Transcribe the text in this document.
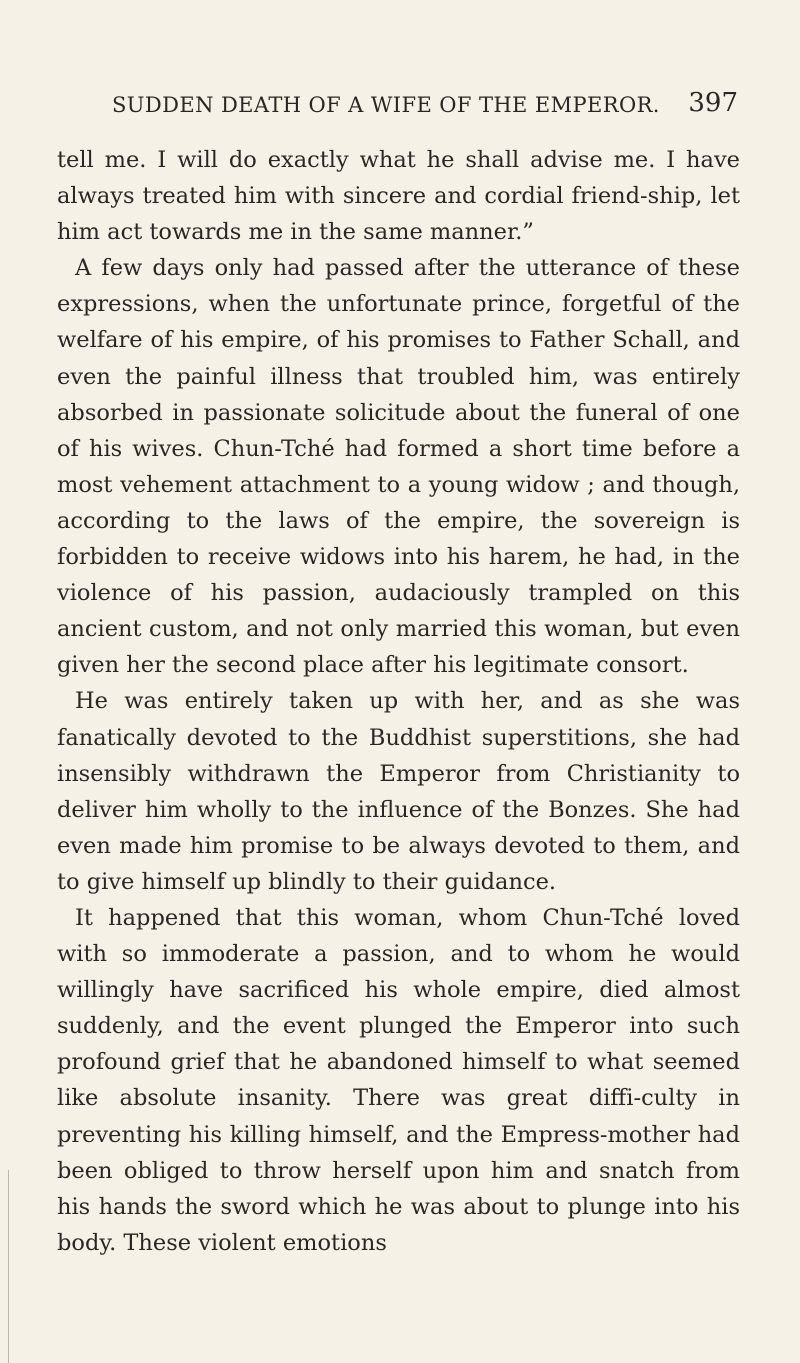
SUDDEN DEATH OF A WIFE OF THE EMPEROR. 397

tell me. I will do exactly what he shall advise me. I have always treated him with sincere and cordial friend-ship, let him act towards me in the same manner.”

A few days only had passed after the utterance of these expressions, when the unfortunate prince, forgetful of the welfare of his empire, of his promises to Father Schall, and even the painful illness that troubled him, was entirely absorbed in passionate solicitude about the funeral of one of his wives. Chun-Tché had formed a short time before a most vehement attachment to a young widow ; and though, according to the laws of the empire, the sovereign is forbidden to receive widows into his harem, he had, in the violence of his passion, audaciously trampled on this ancient custom, and not only married this woman, but even given her the second place after his legitimate consort.

He was entirely taken up with her, and as she was fanatically devoted to the Buddhist superstitions, she had insensibly withdrawn the Emperor from Christianity to deliver him wholly to the influence of the Bonzes. She had even made him promise to be always devoted to them, and to give himself up blindly to their guidance.

It happened that this woman, whom Chun-Tché loved with so immoderate a passion, and to whom he would willingly have sacrificed his whole empire, died almost suddenly, and the event plunged the Emperor into such profound grief that he abandoned himself to what seemed like absolute insanity. There was great diffi-culty in preventing his killing himself, and the Empress-mother had been obliged to throw herself upon him and snatch from his hands the sword which he was about to plunge into his body. These violent emotions
